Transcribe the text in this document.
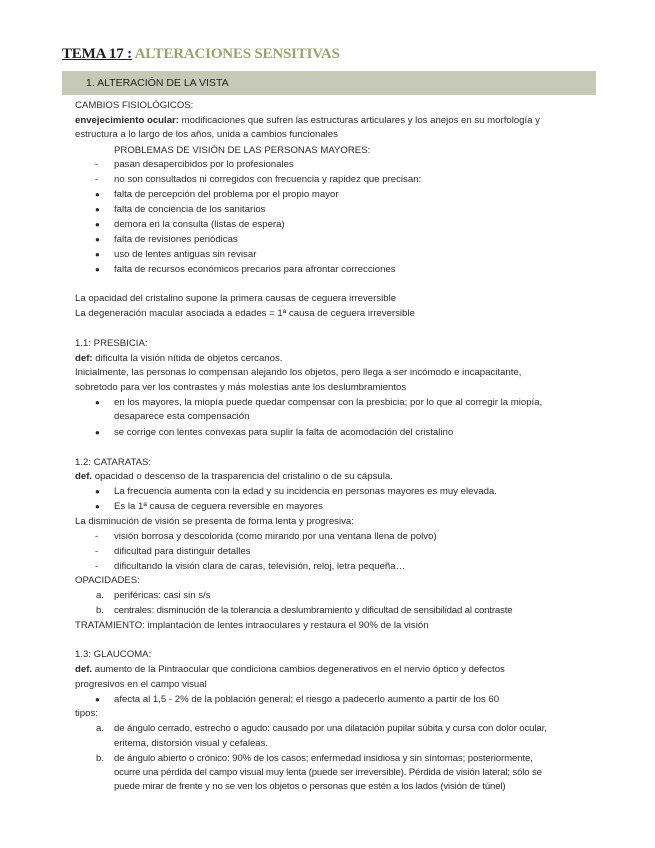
TEMA 17 : ALTERACIONES SENSITIVAS
1. ALTERACIÓN DE LA VISTA
CAMBIOS FISIOLÓGICOS:
envejecimiento ocular: modificaciones que sufren las estructuras articulares y los anejos en su morfología y
estructura a lo largo de los años, unida a cambios funcionales
PROBLEMAS DE VISIÓN DE LAS PERSONAS MAYORES:
- pasan desapercibidos por lo profesionales
- no son consultados ni corregidos con frecuencia y rapidez que precisan:
● falta de percepción del problema por el propio mayor
● falta de conciencia de los sanitarios
● demora en la consulta (listas de espera)
● falta de revisiones periódicas
● uso de lentes antiguas sin revisar
● falta de recursos económicos precarios para afrontar correcciones
La opacidad del cristalino supone la primera causas de ceguera irreversible
La degeneración macular asociada a edades = 1ª causa de ceguera irreversible
1.1: PRESBICIA:
def: dificulta la visión nítida de objetos cercanos.
Inicialmente, las personas lo compensan alejando los objetos, pero llega a ser incómodo e incapacitante,
sobretodo para ver los contrastes y más molestias ante los deslumbramientos
● en los mayores, la miopía puede quedar compensar con la presbicia; por lo que al corregir la miopía,
desaparece esta compensación
● se corrige con lentes convexas para suplir la falta de acomodación del cristalino
1.2: CATARATAS:
def. opacidad o descenso de la trasparencia del cristalino o de su cápsula.
● La frecuencia aumenta con la edad y su incidencia en personas mayores es muy elevada.
● Es la 1ª causa de ceguera reversible en mayores
La disminución de visión se presenta de forma lenta y progresiva:
- visión borrosa y descolorida (como mirando por una ventana llena de polvo)
- dificultad para distinguir detalles
- dificultando la visión clara de caras, televisión, reloj, letra pequeña…
OPACIDADES:
a. periféricas: casi sin s/s
b. centrales: disminución de la tolerancia a deslumbramiento y dificultad de sensibilidad al contraste
TRATAMIENTO: implantación de lentes intraoculares y restaura el 90% de la visión
1.3: GLAUCOMA:
def. aumento de la Pintraocular que condiciona cambios degenerativos en el nervio óptico y defectos
progresivos en el campo visual
● afecta al 1,5 - 2% de la población general; el riesgo a padecerlo aumento a partir de los 60
tipos:
a. de ángulo cerrado, estrecho o agudo: causado por una dilatación pupilar súbita y cursa con dolor ocular,
eritema, distorsión visual y cefaleas.
b. de ángulo abierto o crónico: 90% de los casos; enfermedad insidiosa y sin síntomas; posteriormente,
ocurre una pérdida del campo visual muy lenta (puede ser irreversible). Pérdida de visión lateral; sólo se
puede mirar de frente y no se ven los objetos o personas que estén a los lados (visión de túnel)
